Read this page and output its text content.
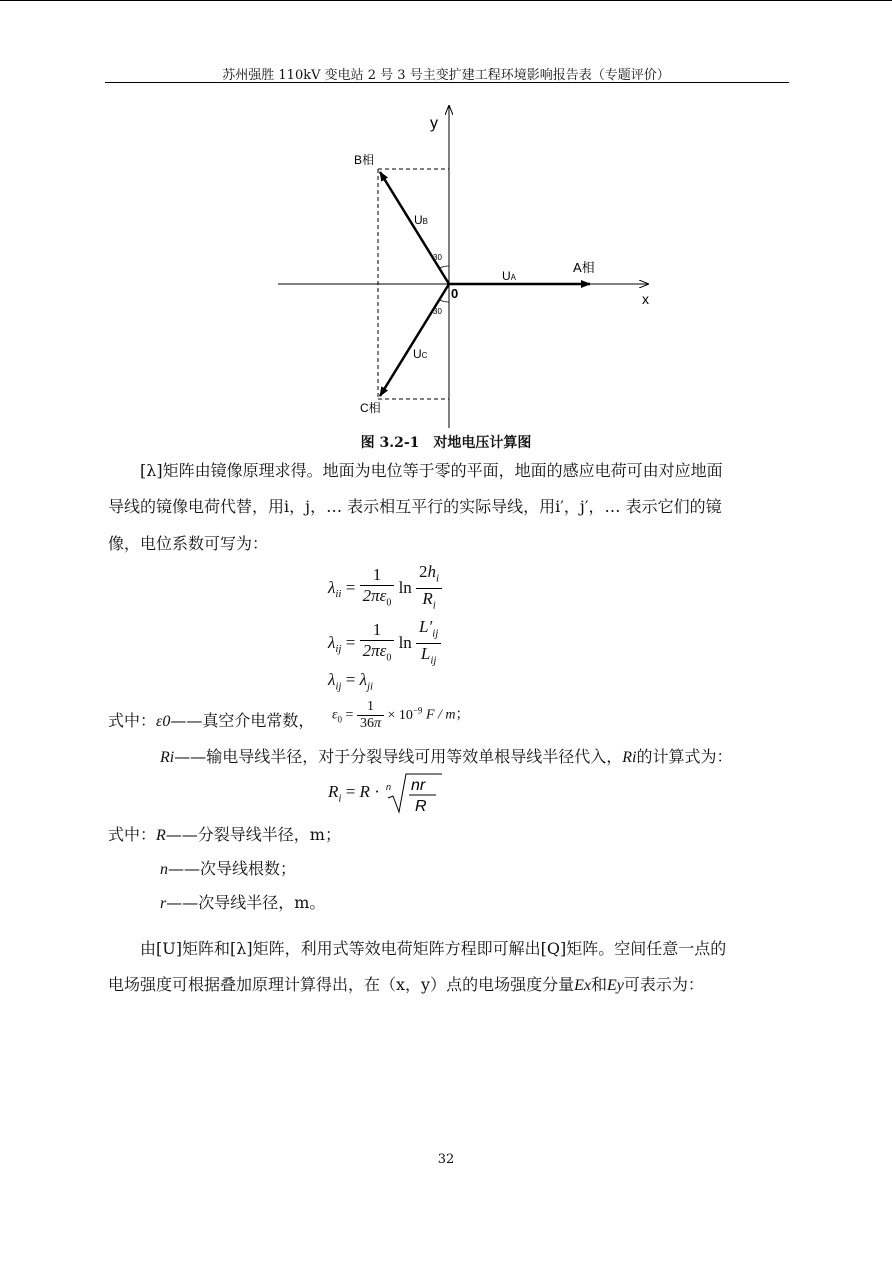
苏州强胜 110kV 变电站 2 号 3 号主变扩建工程环境影响报告表（专题评价）
y
x
0
B相
A相
C相
UA
UB
UC
30
30
图 3.2-1　对地电压计算图
[λ]矩阵由镜像原理求得。地面为电位等于零的平面，地面的感应电荷可由对应地面
导线的镜像电荷代替，用i，j，… 表示相互平行的实际导线，用i′，j′，… 表示它们的镜
像，电位系数可写为：
$\lambda_{ii} = \frac{1}{2\pi\varepsilon_0}$ $\ln \frac{2h_i}{R_i}$
$\lambda_{ij} = \frac{1}{2\pi\varepsilon_0}$ $\ln \frac{L'_{ij}}{L_{ij}}$
$\lambda_{ij} = \lambda_{ji}$
式中：ε0——真空介电常数， $\varepsilon_0 = \frac{1}{36\pi} \times 10^{-9}$ F / m；
Ri——输电导线半径，对于分裂导线可用等效单根导线半径代入，Ri的计算式为：
$R_i = R \cdot n$ nr
R
式中：R——分裂导线半径，m；
n——次导线根数；
r——次导线半径，m。
由[U]矩阵和[λ]矩阵，利用式等效电荷矩阵方程即可解出[Q]矩阵。空间任意一点的
电场强度可根据叠加原理计算得出，在（x，y）点的电场强度分量Ex和Ey可表示为：
32
